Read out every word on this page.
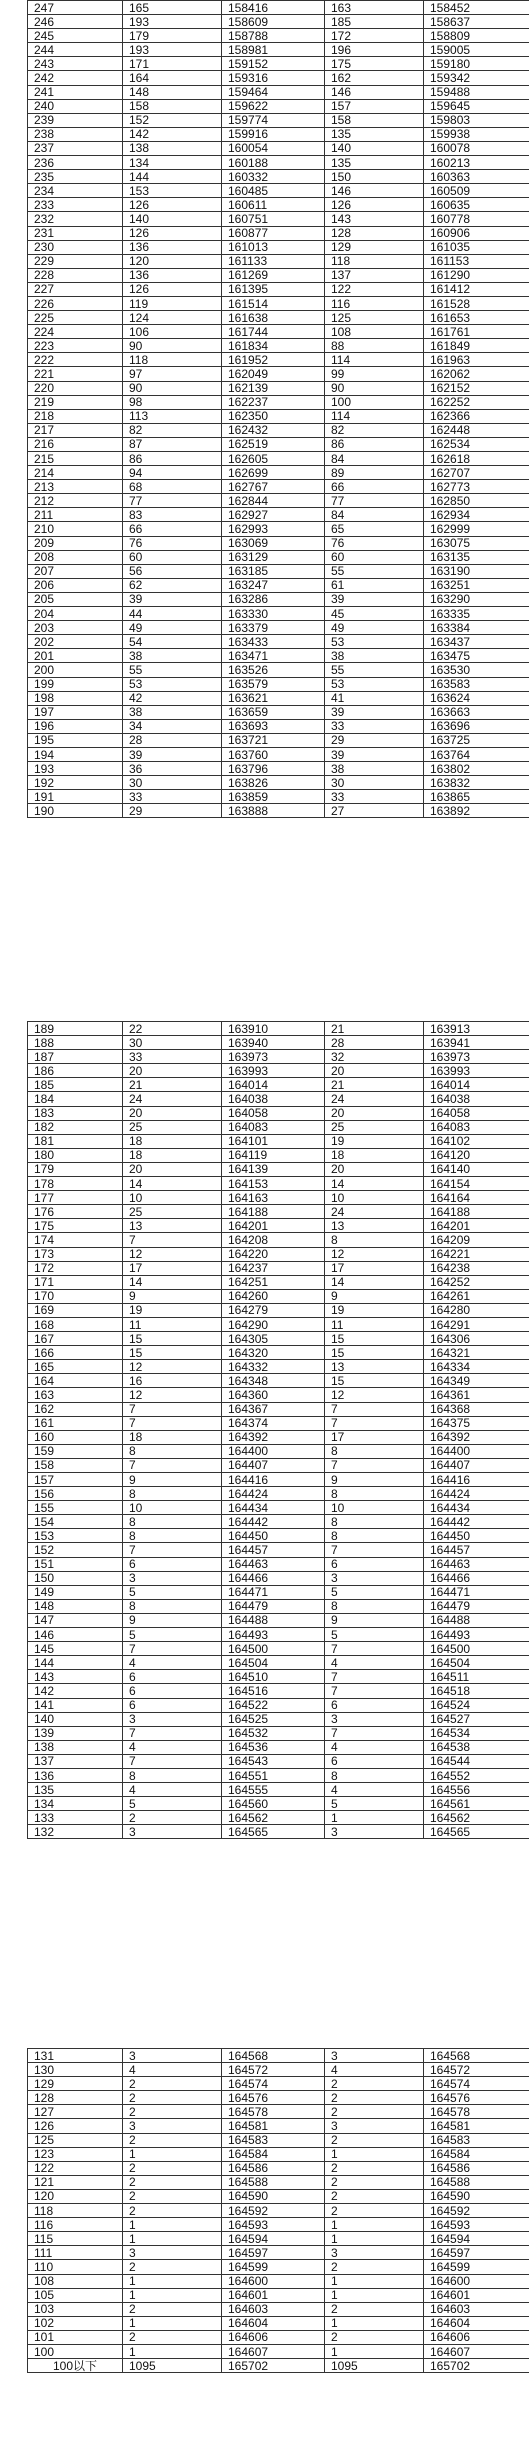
247	165	158416	163	158452
246	193	158609	185	158637
245	179	158788	172	158809
244	193	158981	196	159005
243	171	159152	175	159180
242	164	159316	162	159342
241	148	159464	146	159488
240	158	159622	157	159645
239	152	159774	158	159803
238	142	159916	135	159938
237	138	160054	140	160078
236	134	160188	135	160213
235	144	160332	150	160363
234	153	160485	146	160509
233	126	160611	126	160635
232	140	160751	143	160778
231	126	160877	128	160906
230	136	161013	129	161035
229	120	161133	118	161153
228	136	161269	137	161290
227	126	161395	122	161412
226	119	161514	116	161528
225	124	161638	125	161653
224	106	161744	108	161761
223	90	161834	88	161849
222	118	161952	114	161963
221	97	162049	99	162062
220	90	162139	90	162152
219	98	162237	100	162252
218	113	162350	114	162366
217	82	162432	82	162448
216	87	162519	86	162534
215	86	162605	84	162618
214	94	162699	89	162707
213	68	162767	66	162773
212	77	162844	77	162850
211	83	162927	84	162934
210	66	162993	65	162999
209	76	163069	76	163075
208	60	163129	60	163135
207	56	163185	55	163190
206	62	163247	61	163251
205	39	163286	39	163290
204	44	163330	45	163335
203	49	163379	49	163384
202	54	163433	53	163437
201	38	163471	38	163475
200	55	163526	55	163530
199	53	163579	53	163583
198	42	163621	41	163624
197	38	163659	39	163663
196	34	163693	33	163696
195	28	163721	29	163725
194	39	163760	39	163764
193	36	163796	38	163802
192	30	163826	30	163832
191	33	163859	33	163865
190	29	163888	27	163892
189	22	163910	21	163913
188	30	163940	28	163941
187	33	163973	32	163973
186	20	163993	20	163993
185	21	164014	21	164014
184	24	164038	24	164038
183	20	164058	20	164058
182	25	164083	25	164083
181	18	164101	19	164102
180	18	164119	18	164120
179	20	164139	20	164140
178	14	164153	14	164154
177	10	164163	10	164164
176	25	164188	24	164188
175	13	164201	13	164201
174	7	164208	8	164209
173	12	164220	12	164221
172	17	164237	17	164238
171	14	164251	14	164252
170	9	164260	9	164261
169	19	164279	19	164280
168	11	164290	11	164291
167	15	164305	15	164306
166	15	164320	15	164321
165	12	164332	13	164334
164	16	164348	15	164349
163	12	164360	12	164361
162	7	164367	7	164368
161	7	164374	7	164375
160	18	164392	17	164392
159	8	164400	8	164400
158	7	164407	7	164407
157	9	164416	9	164416
156	8	164424	8	164424
155	10	164434	10	164434
154	8	164442	8	164442
153	8	164450	8	164450
152	7	164457	7	164457
151	6	164463	6	164463
150	3	164466	3	164466
149	5	164471	5	164471
148	8	164479	8	164479
147	9	164488	9	164488
146	5	164493	5	164493
145	7	164500	7	164500
144	4	164504	4	164504
143	6	164510	7	164511
142	6	164516	7	164518
141	6	164522	6	164524
140	3	164525	3	164527
139	7	164532	7	164534
138	4	164536	4	164538
137	7	164543	6	164544
136	8	164551	8	164552
135	4	164555	4	164556
134	5	164560	5	164561
133	2	164562	1	164562
132	3	164565	3	164565
131	3	164568	3	164568
130	4	164572	4	164572
129	2	164574	2	164574
128	2	164576	2	164576
127	2	164578	2	164578
126	3	164581	3	164581
125	2	164583	2	164583
123	1	164584	1	164584
122	2	164586	2	164586
121	2	164588	2	164588
120	2	164590	2	164590
118	2	164592	2	164592
116	1	164593	1	164593
115	1	164594	1	164594
111	3	164597	3	164597
110	2	164599	2	164599
108	1	164600	1	164600
105	1	164601	1	164601
103	2	164603	2	164603
102	1	164604	1	164604
101	2	164606	2	164606
100	1	164607	1	164607
100以下	1095	165702	1095	165702
